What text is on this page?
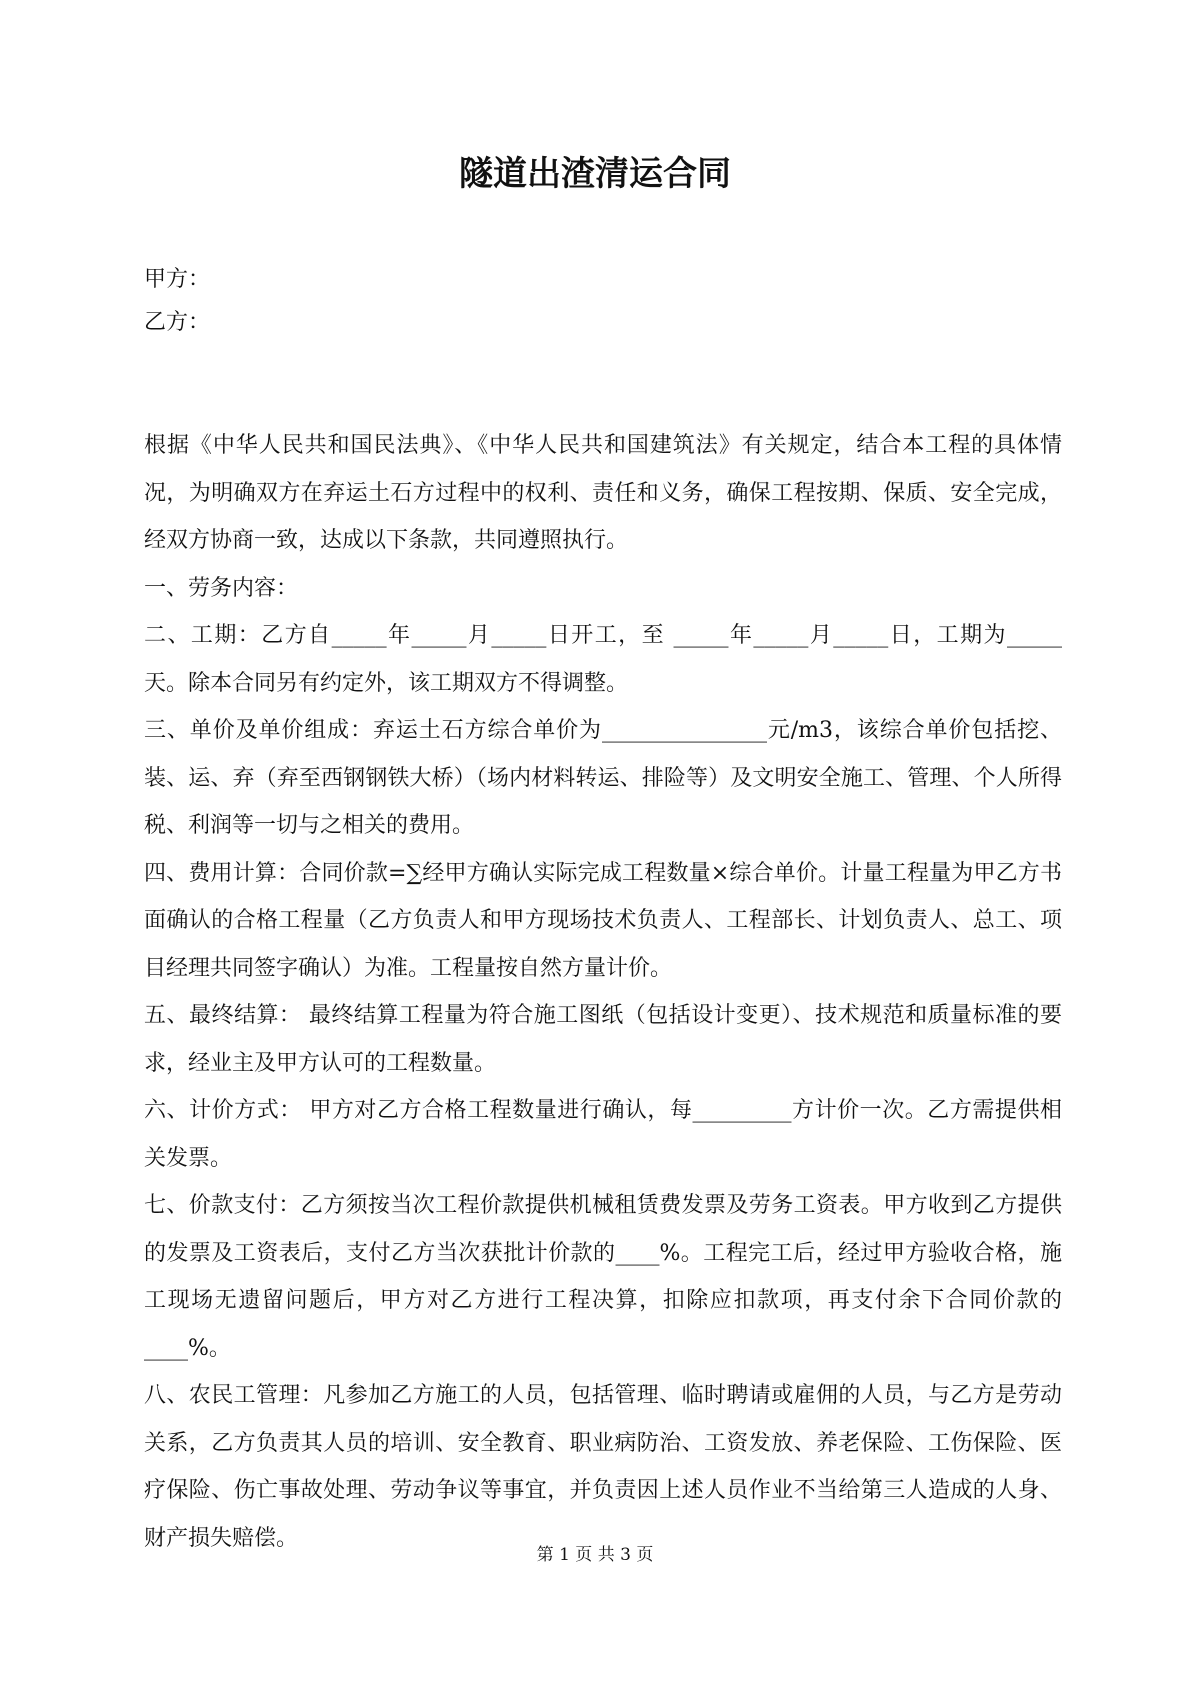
隧道出渣清运合同

甲方：

乙方：

根据《中华人民共和国民法典》、《中华人民共和国建筑法》有关规定，结合本工程的具体情况，为明确双方在弃运土石方过程中的权利、责任和义务，确保工程按期、保质、安全完成，经双方协商一致，达成以下条款，共同遵照执行。

一、劳务内容：

二、工期：乙方自_____年_____月_____日开工，至 _____年_____月_____日，工期为_____天。除本合同另有约定外，该工期双方不得调整。

三、单价及单价组成：弃运土石方综合单价为_______________元/m3，该综合单价包括挖、装、运、弃（弃至西钢钢铁大桥）（场内材料转运、排险等）及文明安全施工、管理、个人所得税、利润等一切与之相关的费用。

四、费用计算：合同价款=∑经甲方确认实际完成工程数量×综合单价。计量工程量为甲乙方书面确认的合格工程量（乙方负责人和甲方现场技术负责人、工程部长、计划负责人、总工、项目经理共同签字确认）为准。工程量按自然方量计价。

五、最终结算： 最终结算工程量为符合施工图纸（包括设计变更）、技术规范和质量标准的要求，经业主及甲方认可的工程数量。

六、计价方式： 甲方对乙方合格工程数量进行确认，每_________方计价一次。乙方需提供相关发票。

七、价款支付：乙方须按当次工程价款提供机械租赁费发票及劳务工资表。甲方收到乙方提供的发票及工资表后，支付乙方当次获批计价款的____%。工程完工后，经过甲方验收合格，施工现场无遗留问题后，甲方对乙方进行工程决算，扣除应扣款项，再支付余下合同价款的____%。

八、农民工管理：凡参加乙方施工的人员，包括管理、临时聘请或雇佣的人员，与乙方是劳动关系，乙方负责其人员的培训、安全教育、职业病防治、工资发放、养老保险、工伤保险、医疗保险、伤亡事故处理、劳动争议等事宜，并负责因上述人员作业不当给第三人造成的人身、财产损失赔偿。

第 1 页 共 3 页
